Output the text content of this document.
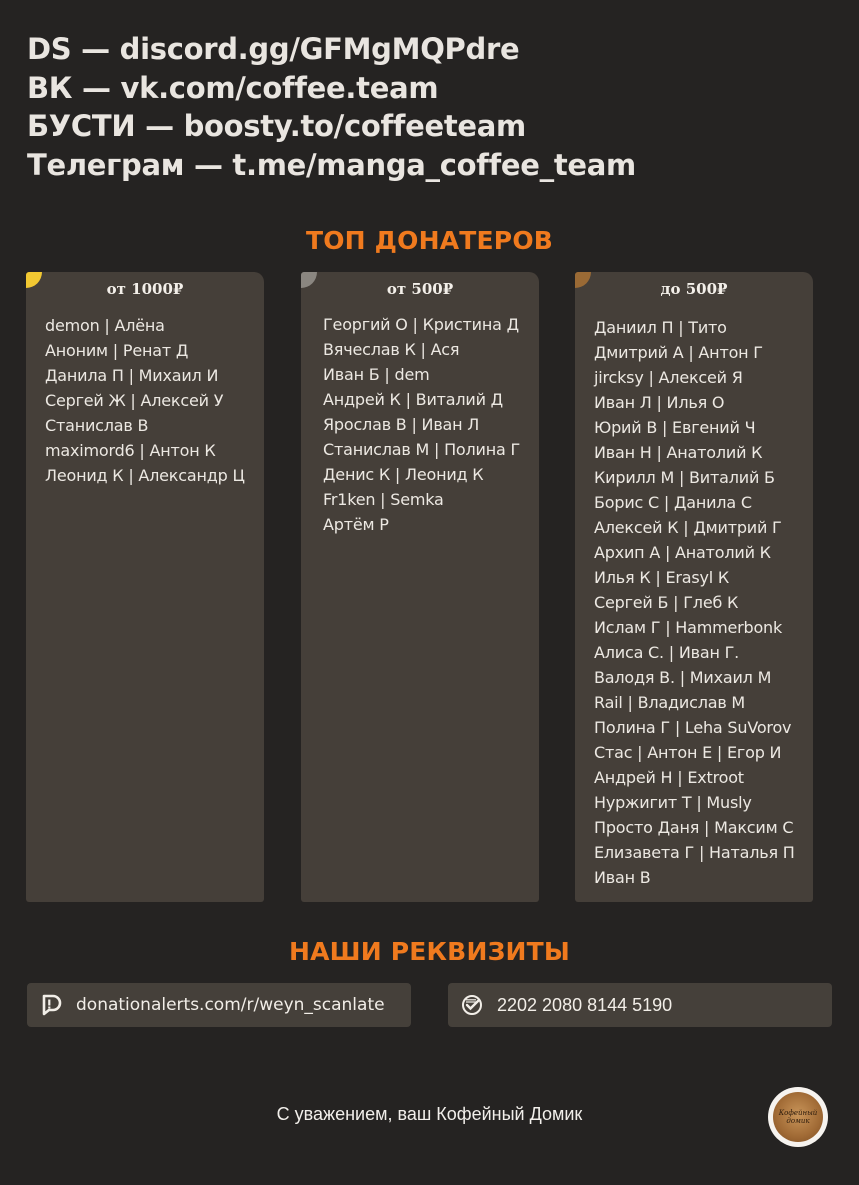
DS — discord.gg/GFMgMQPdre
ВК — vk.com/coffee.team
БУСТИ — boosty.to/coffeeteam
Телеграм — t.me/manga_coffee_team
ТОП ДОНАТЕРОВ
от 1000₽
demon | Алёна
Аноним | Ренат Д
Данила П | Михаил И
Сергей Ж | Алексей У
Станислав В
maximord6 | Антон К
Леонид К | Александр Ц
от 500₽
Георгий О | Кристина Д
Вячеслав К | Ася
Иван Б | dem
Андрей К | Виталий Д
Ярослав В | Иван Л
Станислав М | Полина Г
Денис К | Леонид К
Fr1ken | Semka
Артём Р
до 500₽
Даниил П | Тито
Дмитрий А | Антон Г
jircksy | Алексей Я
Иван Л | Илья О
Юрий В | Евгений Ч
Иван Н | Анатолий К
Кирилл М | Виталий Б
Борис С | Данила С
Алексей К | Дмитрий Г
Архип А | Анатолий К
Илья К | Erasyl К
Сергей Б | Глеб К
Ислам Г | Hammerbonk
Алиса С. | Иван Г.
Валодя В. | Михаил М
Rail | Владислав М
Полина Г | Leha SuVorov
Стас | Антон Е | Егор И
Андрей Н | Extroot
Нуржигит Т | Musly
Просто Даня | Максим С
Елизавета Г | Наталья П
Иван В
НАШИ РЕКВИЗИТЫ
donationalerts.com/r/weyn_scanlate	2202 2080 8144 5190
С уважением, ваш Кофейный Домик	Кофейный
домик
